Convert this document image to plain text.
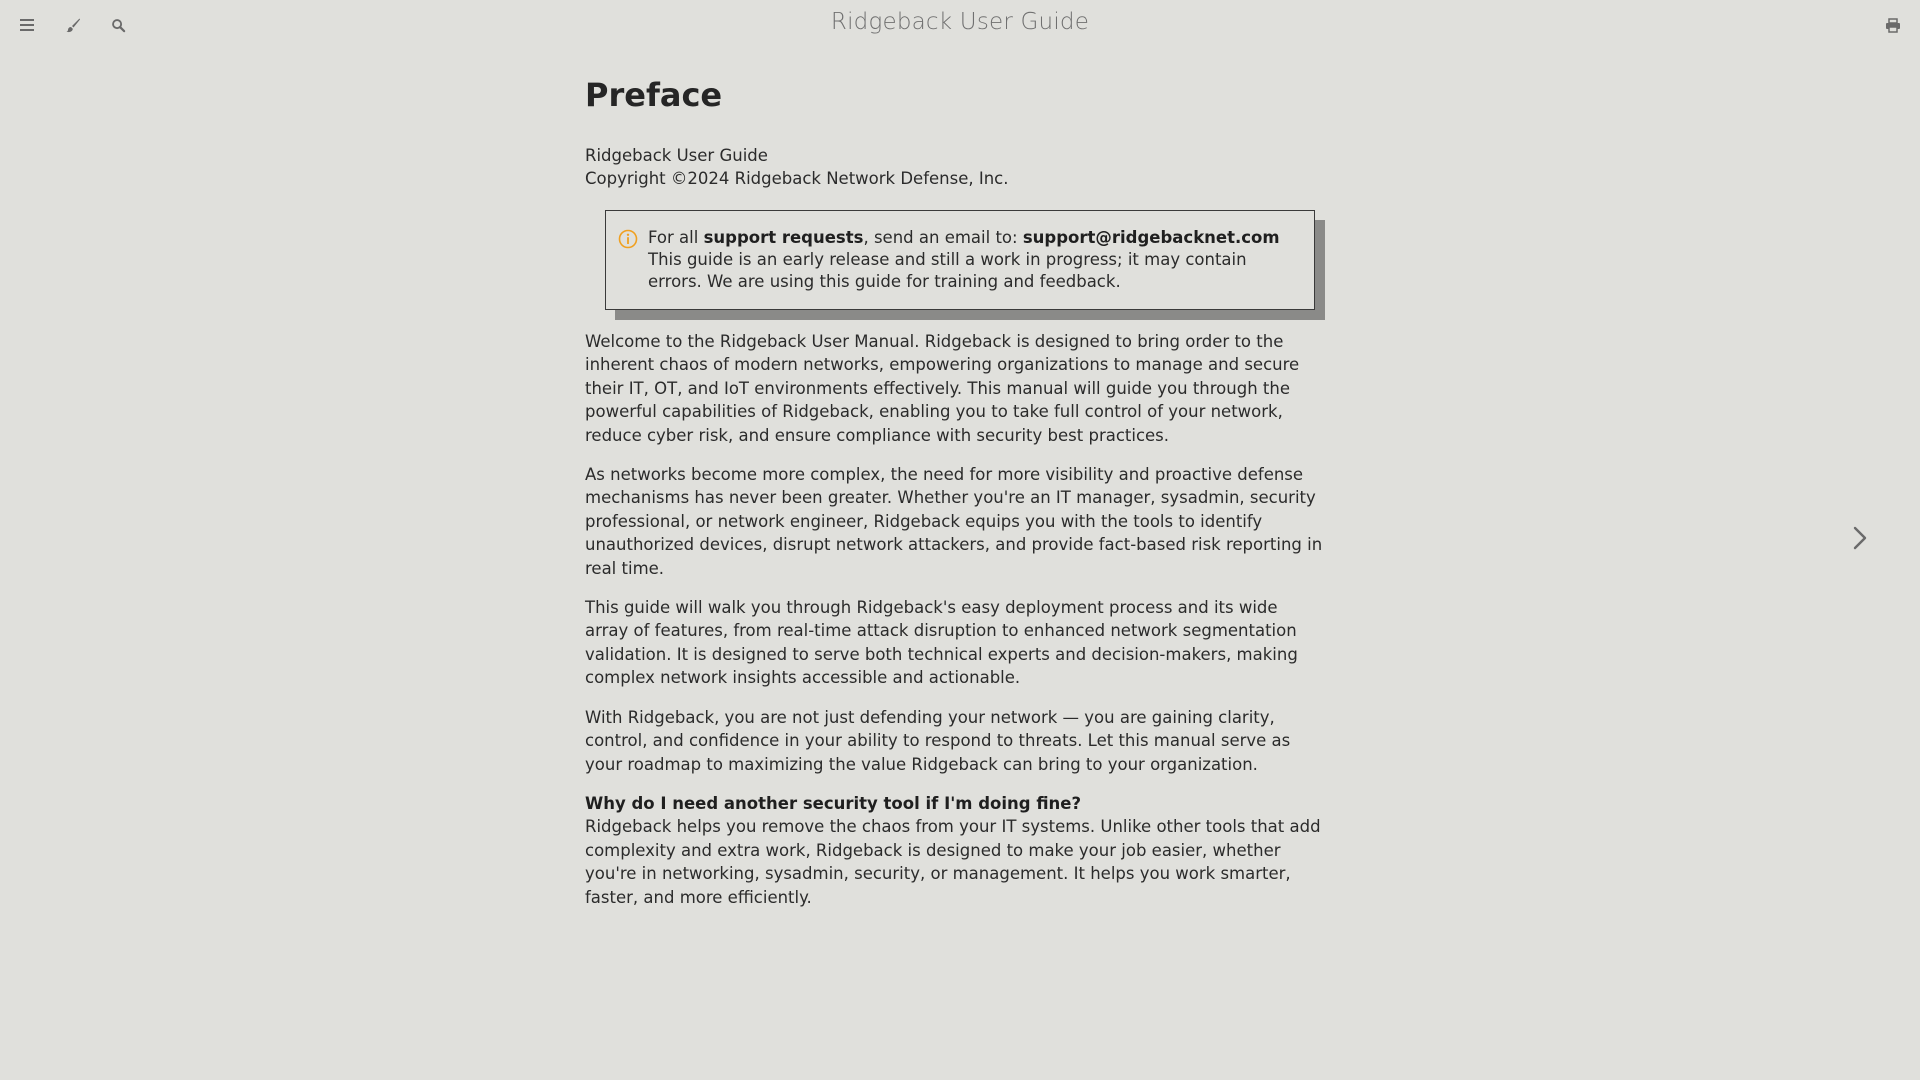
Ridgeback User Guide
Preface

Ridgeback User Guide

Copyright ©2024 Ridgeback Network Defense, Inc.

For all support requests, send an email to: support@ridgebacknet.com

This guide is an early release and still a work in progress; it may contain errors. We are using this guide for training and feedback.

Welcome to the Ridgeback User Manual. Ridgeback is designed to bring order to the inherent chaos of modern networks, empowering organizations to manage and secure their IT, OT, and IoT environments effectively. This manual will guide you through the powerful capabilities of Ridgeback, enabling you to take full control of your network, reduce cyber risk, and ensure compliance with security best practices.

As networks become more complex, the need for more visibility and proactive defense mechanisms has never been greater. Whether you're an IT manager, sysadmin, security professional, or network engineer, Ridgeback equips you with the tools to identify unauthorized devices, disrupt network attackers, and provide fact-based risk reporting in real time.

This guide will walk you through Ridgeback's easy deployment process and its wide array of features, from real-time attack disruption to enhanced network segmentation validation. It is designed to serve both technical experts and decision-makers, making complex network insights accessible and actionable.

With Ridgeback, you are not just defending your network — you are gaining clarity, control, and confidence in your ability to respond to threats. Let this manual serve as your roadmap to maximizing the value Ridgeback can bring to your organization.

Why do I need another security tool if I'm doing fine?

Ridgeback helps you remove the chaos from your IT systems. Unlike other tools that add complexity and extra work, Ridgeback is designed to make your job easier, whether you're in networking, sysadmin, security, or management. It helps you work smarter, faster, and more efficiently.
